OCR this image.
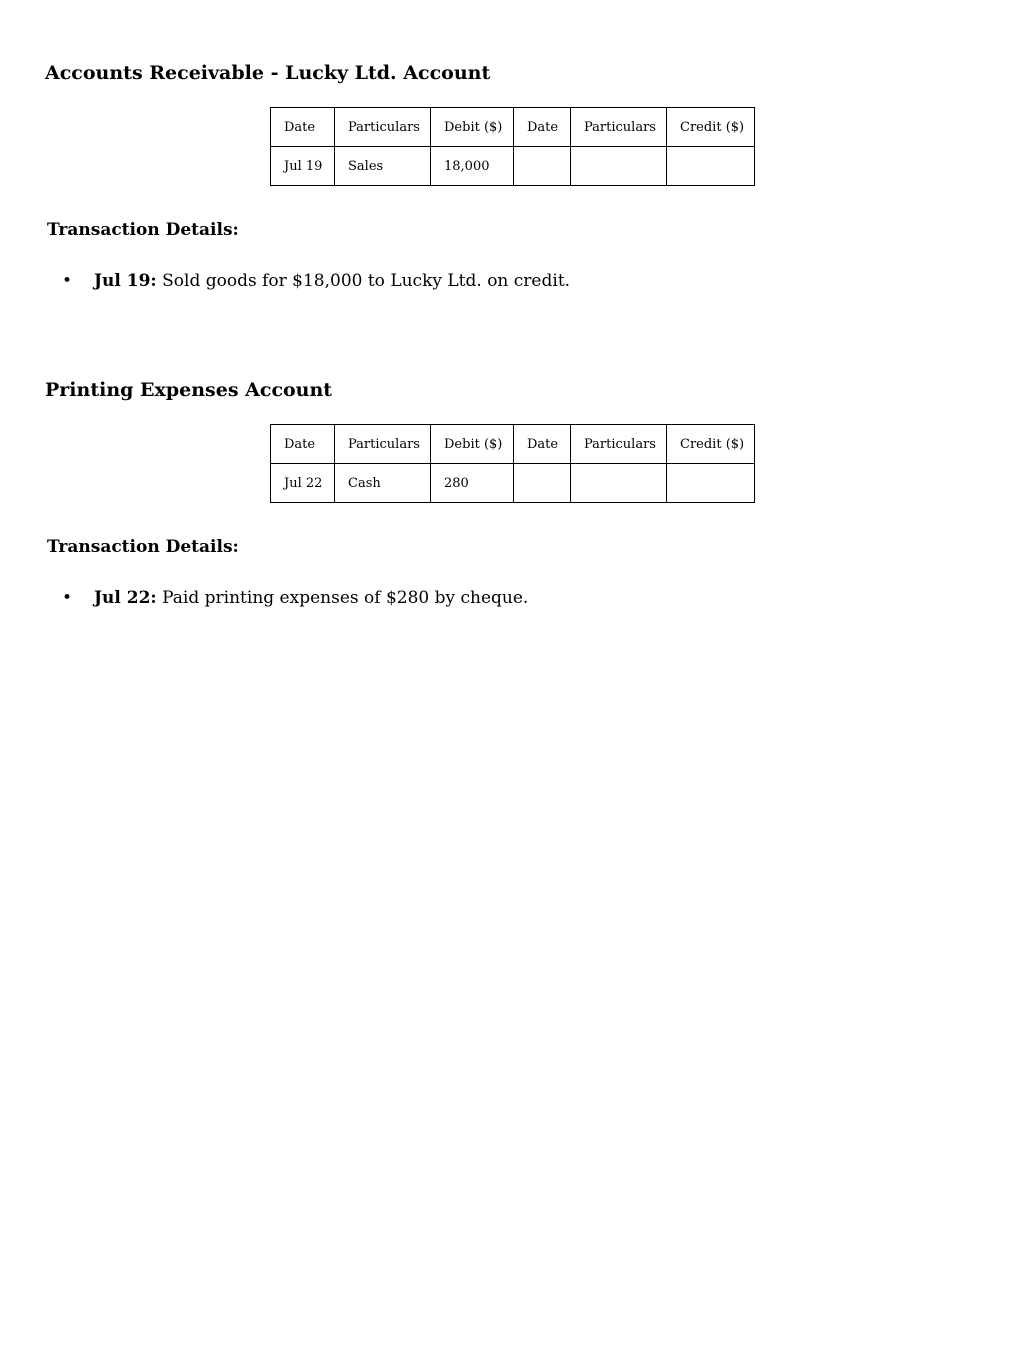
Accounts Receivable - Lucky Ltd. Account
Date	Particulars	Debit ($)	Date	Particulars	Credit ($)
Jul 19	Sales	18,000			
Transaction Details:
• Jul 19: Sold goods for $18,000 to Lucky Ltd. on credit.
Printing Expenses Account
Date	Particulars	Debit ($)	Date	Particulars	Credit ($)
Jul 22	Cash	280			
Transaction Details:
• Jul 22: Paid printing expenses of $280 by cheque.
